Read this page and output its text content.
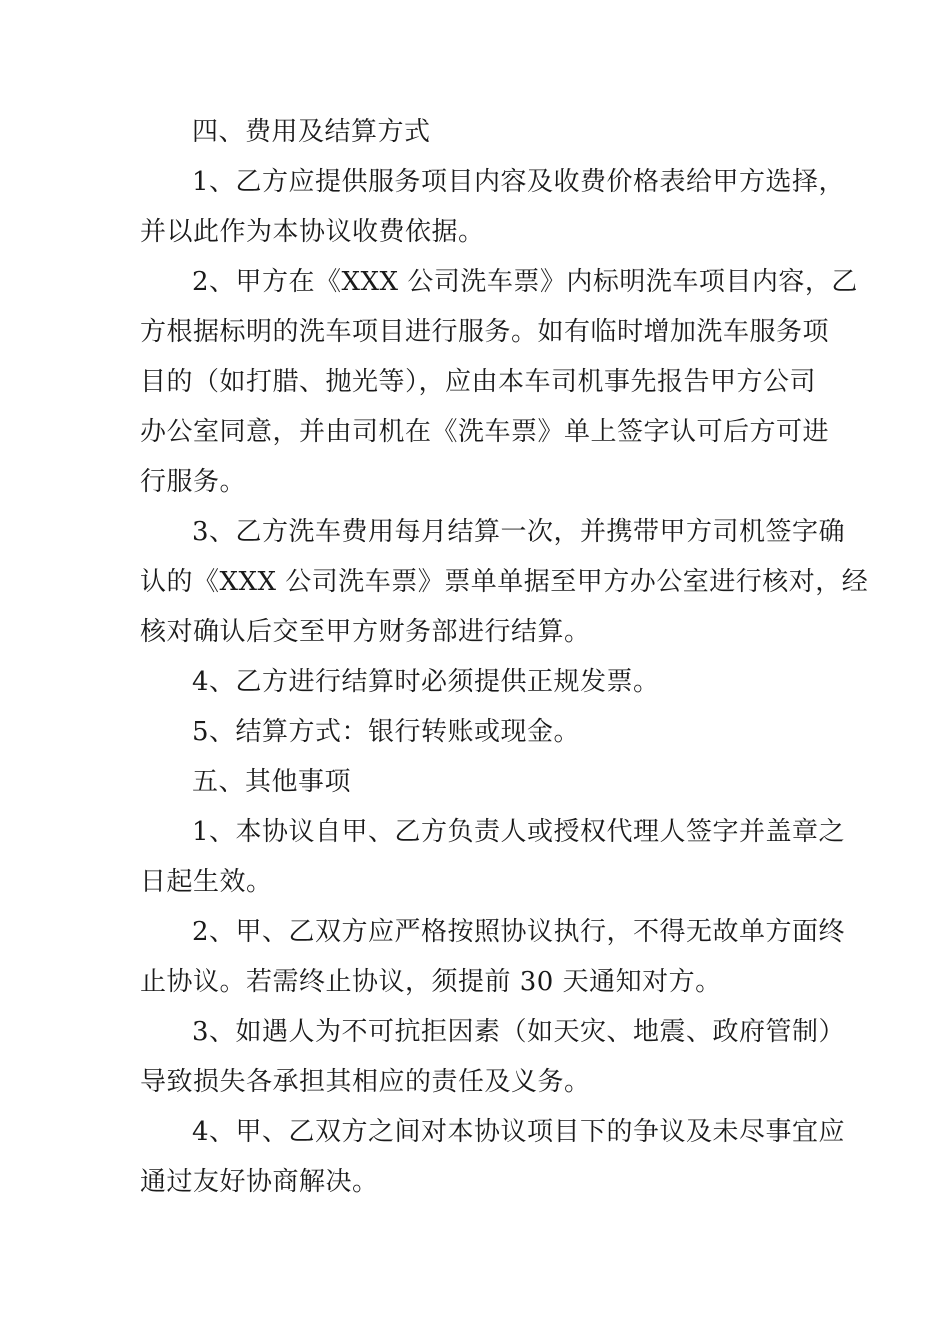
四、费用及结算方式
1、乙方应提供服务项目内容及收费价格表给甲方选择，
并以此作为本协议收费依据。
2、甲方在《XXX 公司洗车票》内标明洗车项目内容，乙
方根据标明的洗车项目进行服务。如有临时增加洗车服务项
目的（如打腊、抛光等），应由本车司机事先报告甲方公司
办公室同意，并由司机在《洗车票》单上签字认可后方可进
行服务。
3、乙方洗车费用每月结算一次，并携带甲方司机签字确
认的《XXX 公司洗车票》票单单据至甲方办公室进行核对，经
核对确认后交至甲方财务部进行结算。
4、乙方进行结算时必须提供正规发票。
5、结算方式：银行转账或现金。
五、其他事项
1、本协议自甲、乙方负责人或授权代理人签字并盖章之
日起生效。
2、甲、乙双方应严格按照协议执行，不得无故单方面终
止协议。若需终止协议，须提前 30 天通知对方。
3、如遇人为不可抗拒因素（如天灾、地震、政府管制）
导致损失各承担其相应的责任及义务。
4、甲、乙双方之间对本协议项目下的争议及未尽事宜应
通过友好协商解决。
